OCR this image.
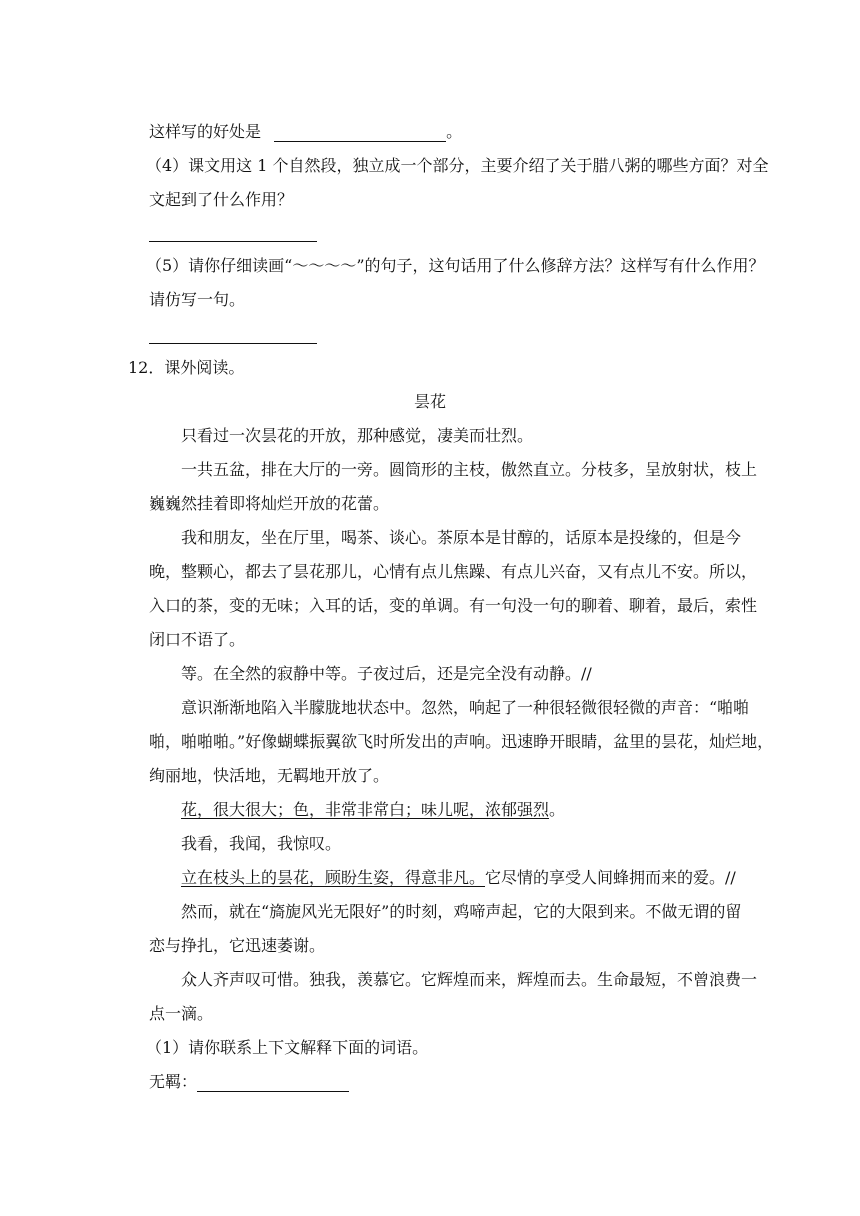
这样写的好处是	。
（4）课文用这 1 个自然段，独立成一个部分，主要介绍了关于腊八粥的哪些方面？对全
文起到了什么作用？
（5）请你仔细读画“～～～～”的句子，这句话用了什么修辞方法？这样写有什么作用？
请仿写一句。
12．课外阅读。
昙花
只看过一次昙花的开放，那种感觉，凄美而壮烈。
一共五盆，排在大厅的一旁。圆筒形的主枝，傲然直立。分枝多，呈放射状，枝上
巍巍然挂着即将灿烂开放的花蕾。
我和朋友，坐在厅里，喝茶、谈心。茶原本是甘醇的，话原本是投缘的，但是今
晚，整颗心，都去了昙花那儿，心情有点儿焦躁、有点儿兴奋，又有点儿不安。所以，
入口的茶，变的无味；入耳的话，变的单调。有一句没一句的聊着、聊着，最后，索性
闭口不语了。
等。在全然的寂静中等。子夜过后，还是完全没有动静。//
意识渐渐地陷入半朦胧地状态中。忽然，响起了一种很轻微很轻微的声音：“啪啪
啪，啪啪啪。”好像蝴蝶振翼欲飞时所发出的声响。迅速睁开眼睛，盆里的昙花，灿烂地，
绚丽地，快活地，无羁地开放了。
花，很大很大；色，非常非常白；味儿呢，浓郁强烈。
我看，我闻，我惊叹。
立在枝头上的昙花，顾盼生姿，得意非凡。它尽情的享受人间蜂拥而来的爱。//
然而，就在“旖旎风光无限好”的时刻，鸡啼声起，它的大限到来。不做无谓的留
恋与挣扎，它迅速萎谢。
众人齐声叹可惜。独我，羡慕它。它辉煌而来，辉煌而去。生命最短，不曾浪费一
点一滴。
（1）请你联系上下文解释下面的词语。
无羁：
